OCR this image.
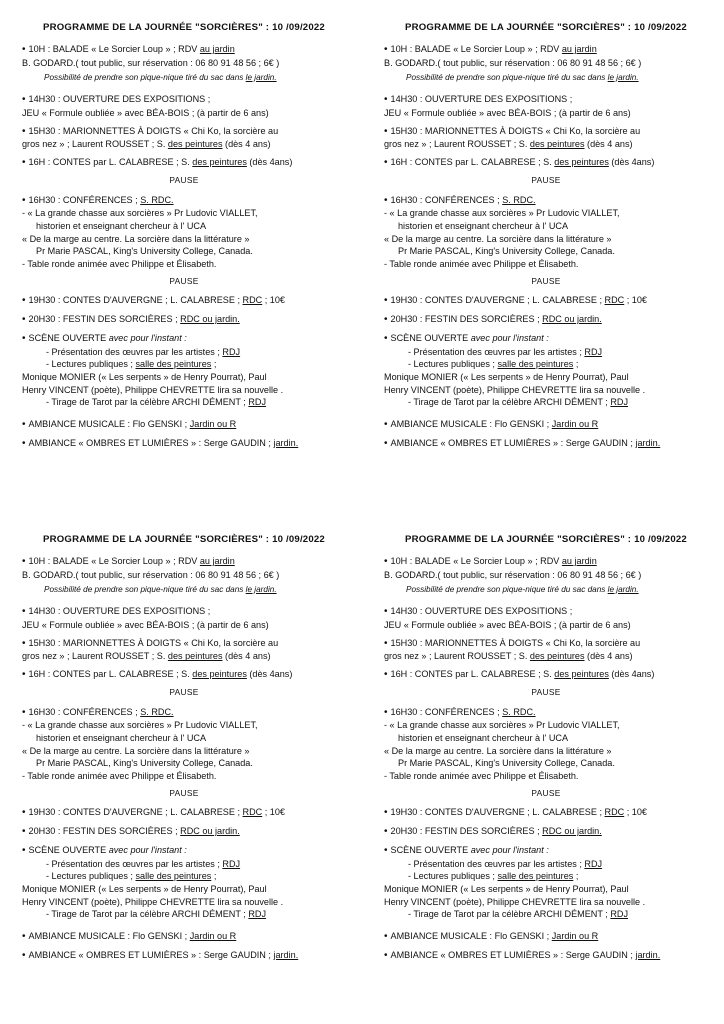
PROGRAMME DE LA JOURNÉE "SORCIÈRES" : 10 /09/2022
• 10H : BALADE « Le Sorcier Loup » ; RDV au jardin
B. GODARD.( tout public, sur réservation : 06 80 91 48 56 ; 6€ )
Possibilité de prendre son pique-nique tiré du sac dans le jardin.
• 14H30 : OUVERTURE DES EXPOSITIONS ;
JEU « Formule oubliée » avec BÉA-BOIS ; (à partir de 6 ans)
• 15H30 : MARIONNETTES À DOIGTS « Chi Ko, la sorcière au
gros nez » ; Laurent ROUSSET ; S. des peintures (dès 4 ans)
• 16H : CONTES par L. CALABRESE ; S. des peintures (dès 4ans)
PAUSE
• 16H30 : CONFÉRENCES ; S. RDC.
- « La grande chasse aux sorcières » Pr Ludovic VIALLET,
historien et enseignant chercheur à l' UCA
« De la marge au centre. La sorcière dans la littérature »
Pr Marie PASCAL, King's University College, Canada.
- Table ronde animée avec Philippe et Élisabeth.
PAUSE
• 19H30 : CONTES D'AUVERGNE ; L. CALABRESE ; RDC ; 10€
• 20H30 : FESTIN DES SORCIÈRES ; RDC ou jardin.
• SCÈNE OUVERTE avec pour l'instant :
- Présentation des œuvres par les artistes ; RDJ
- Lectures publiques ; salle des peintures ;
Monique MONIER (« Les serpents » de Henry Pourrat), Paul
Henry VINCENT (poète), Philippe CHEVRETTE lira sa nouvelle .
- Tirage de Tarot par la célèbre ARCHI DÉMENT ; RDJ
• AMBIANCE MUSICALE : Flo GENSKI ; Jardin ou R
• AMBIANCE « OMBRES ET LUMIÈRES » : Serge GAUDIN ; jardin.
PROGRAMME DE LA JOURNÉE "SORCIÈRES" : 10 /09/2022
• 10H : BALADE « Le Sorcier Loup » ; RDV au jardin
B. GODARD.( tout public, sur réservation : 06 80 91 48 56 ; 6€ )
Possibilité de prendre son pique-nique tiré du sac dans le jardin.
• 14H30 : OUVERTURE DES EXPOSITIONS ;
JEU « Formule oubliée » avec BÉA-BOIS ; (à partir de 6 ans)
• 15H30 : MARIONNETTES À DOIGTS « Chi Ko, la sorcière au
gros nez » ; Laurent ROUSSET ; S. des peintures (dès 4 ans)
• 16H : CONTES par L. CALABRESE ; S. des peintures (dès 4ans)
PAUSE
• 16H30 : CONFÉRENCES ; S. RDC.
- « La grande chasse aux sorcières » Pr Ludovic VIALLET,
historien et enseignant chercheur à l' UCA
« De la marge au centre. La sorcière dans la littérature »
Pr Marie PASCAL, King's University College, Canada.
- Table ronde animée avec Philippe et Élisabeth.
PAUSE
• 19H30 : CONTES D'AUVERGNE ; L. CALABRESE ; RDC ; 10€
• 20H30 : FESTIN DES SORCIÈRES ; RDC ou jardin.
• SCÈNE OUVERTE avec pour l'instant :
- Présentation des œuvres par les artistes ; RDJ
- Lectures publiques ; salle des peintures ;
Monique MONIER (« Les serpents » de Henry Pourrat), Paul
Henry VINCENT (poète), Philippe CHEVRETTE lira sa nouvelle .
- Tirage de Tarot par la célèbre ARCHI DÉMENT ; RDJ
• AMBIANCE MUSICALE : Flo GENSKI ; Jardin ou R
• AMBIANCE « OMBRES ET LUMIÈRES » : Serge GAUDIN ; jardin.
PROGRAMME DE LA JOURNÉE "SORCIÈRES" : 10 /09/2022
• 10H : BALADE « Le Sorcier Loup » ; RDV au jardin
B. GODARD.( tout public, sur réservation : 06 80 91 48 56 ; 6€ )
Possibilité de prendre son pique-nique tiré du sac dans le jardin.
• 14H30 : OUVERTURE DES EXPOSITIONS ;
JEU « Formule oubliée » avec BÉA-BOIS ; (à partir de 6 ans)
• 15H30 : MARIONNETTES À DOIGTS « Chi Ko, la sorcière au
gros nez » ; Laurent ROUSSET ; S. des peintures (dès 4 ans)
• 16H : CONTES par L. CALABRESE ; S. des peintures (dès 4ans)
PAUSE
• 16H30 : CONFÉRENCES ; S. RDC.
- « La grande chasse aux sorcières » Pr Ludovic VIALLET,
historien et enseignant chercheur à l' UCA
« De la marge au centre. La sorcière dans la littérature »
Pr Marie PASCAL, King's University College, Canada.
- Table ronde animée avec Philippe et Élisabeth.
PAUSE
• 19H30 : CONTES D'AUVERGNE ; L. CALABRESE ; RDC ; 10€
• 20H30 : FESTIN DES SORCIÈRES ; RDC ou jardin.
• SCÈNE OUVERTE avec pour l'instant :
- Présentation des œuvres par les artistes ; RDJ
- Lectures publiques ; salle des peintures ;
Monique MONIER (« Les serpents » de Henry Pourrat), Paul
Henry VINCENT (poète), Philippe CHEVRETTE lira sa nouvelle .
- Tirage de Tarot par la célèbre ARCHI DÉMENT ; RDJ
• AMBIANCE MUSICALE : Flo GENSKI ; Jardin ou R
• AMBIANCE « OMBRES ET LUMIÈRES » : Serge GAUDIN ; jardin.
PROGRAMME DE LA JOURNÉE "SORCIÈRES" : 10 /09/2022
• 10H : BALADE « Le Sorcier Loup » ; RDV au jardin
B. GODARD.( tout public, sur réservation : 06 80 91 48 56 ; 6€ )
Possibilité de prendre son pique-nique tiré du sac dans le jardin.
• 14H30 : OUVERTURE DES EXPOSITIONS ;
JEU « Formule oubliée » avec BÉA-BOIS ; (à partir de 6 ans)
• 15H30 : MARIONNETTES À DOIGTS « Chi Ko, la sorcière au
gros nez » ; Laurent ROUSSET ; S. des peintures (dès 4 ans)
• 16H : CONTES par L. CALABRESE ; S. des peintures (dès 4ans)
PAUSE
• 16H30 : CONFÉRENCES ; S. RDC.
- « La grande chasse aux sorcières » Pr Ludovic VIALLET,
historien et enseignant chercheur à l' UCA
« De la marge au centre. La sorcière dans la littérature »
Pr Marie PASCAL, King's University College, Canada.
- Table ronde animée avec Philippe et Élisabeth.
PAUSE
• 19H30 : CONTES D'AUVERGNE ; L. CALABRESE ; RDC ; 10€
• 20H30 : FESTIN DES SORCIÈRES ; RDC ou jardin.
• SCÈNE OUVERTE avec pour l'instant :
- Présentation des œuvres par les artistes ; RDJ
- Lectures publiques ; salle des peintures ;
Monique MONIER (« Les serpents » de Henry Pourrat), Paul
Henry VINCENT (poète), Philippe CHEVRETTE lira sa nouvelle .
- Tirage de Tarot par la célèbre ARCHI DÉMENT ; RDJ
• AMBIANCE MUSICALE : Flo GENSKI ; Jardin ou R
• AMBIANCE « OMBRES ET LUMIÈRES » : Serge GAUDIN ; jardin.
